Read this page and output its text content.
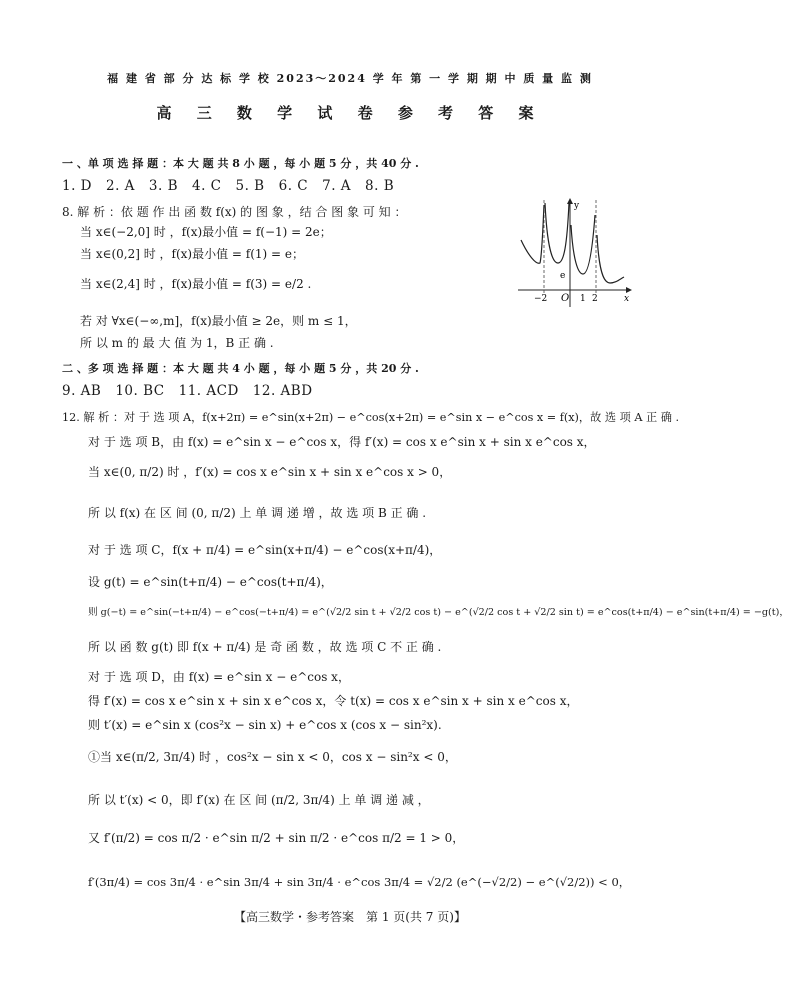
福 建 省 部 分 达 标 学 校 2023～2024 学 年 第 一 学 期 期 中 质 量 监 测
高 三 数 学 试 卷 参 考 答 案
一 、单 项 选 择 题 ：本 大 题 共 8 小 题 ，每 小 题 5 分 ，共 40 分 .
1. D　2. A　3. B　4. C　5. B　6. C　7. A　8. B
8. 解 析 ：依 题 作 出 函 数 f(x) 的 图 象 ，结 合 图 象 可 知 ：
当 x∈(−2,0] 时 ，f(x)最小值 = f(−1) = 2e；
当 x∈(0,2] 时 ，f(x)最小值 = f(1) = e；
当 x∈(2,4] 时 ，f(x)最小值 = f(3) = e/2 .
若 对 ∀x∈(−∞,m]，f(x)最小值 ≥ 2e，则 m ≤ 1，
所 以 m 的 最 大 值 为 1，B 正 确 .
y
x
e
O
−2	1 2
二 、多 项 选 择 题 ：本 大 题 共 4 小 题 ，每 小 题 5 分 ，共 20 分 .
9. AB　10. BC　11. ACD　12. ABD
12. 解 析 ：对 于 选 项 A，f(x+2π) = e^sin(x+2π) − e^cos(x+2π) = e^sin x − e^cos x = f(x)，故 选 项 A 正 确 .
对 于 选 项 B，由 f(x) = e^sin x − e^cos x，得 f′(x) = cos x e^sin x + sin x e^cos x，
当 x∈(0, π/2) 时 ，f′(x) = cos x e^sin x + sin x e^cos x > 0，
所 以 f(x) 在 区 间 (0, π/2) 上 单 调 递 增 ，故 选 项 B 正 确 .
对 于 选 项 C，f(x + π/4) = e^sin(x+π/4) − e^cos(x+π/4)，
设 g(t) = e^sin(t+π/4) − e^cos(t+π/4)，
则 g(−t) = e^sin(−t+π/4) − e^cos(−t+π/4) = e^(√2/2 sin t + √2/2 cos t) − e^(√2/2 cos t + √2/2 sin t) = e^cos(t+π/4) − e^sin(t+π/4) = −g(t)，
所 以 函 数 g(t) 即 f(x + π/4) 是 奇 函 数 ，故 选 项 C 不 正 确 .
对 于 选 项 D，由 f(x) = e^sin x − e^cos x，
得 f′(x) = cos x e^sin x + sin x e^cos x，令 t(x) = cos x e^sin x + sin x e^cos x，
则 t′(x) = e^sin x (cos²x − sin x) + e^cos x (cos x − sin²x).
①当 x∈(π/2, 3π/4) 时 ，cos²x − sin x < 0，cos x − sin²x < 0，
所 以 t′(x) < 0，即 f′(x) 在 区 间 (π/2, 3π/4) 上 单 调 递 减 ，
又 f′(π/2) = cos π/2 · e^sin π/2 + sin π/2 · e^cos π/2 = 1 > 0，
f′(3π/4) = cos 3π/4 · e^sin 3π/4 + sin 3π/4 · e^cos 3π/4 = √2/2 (e^(−√2/2) − e^(√2/2)) < 0，
【高三数学・参考答案　第 1 页(共 7 页)】
